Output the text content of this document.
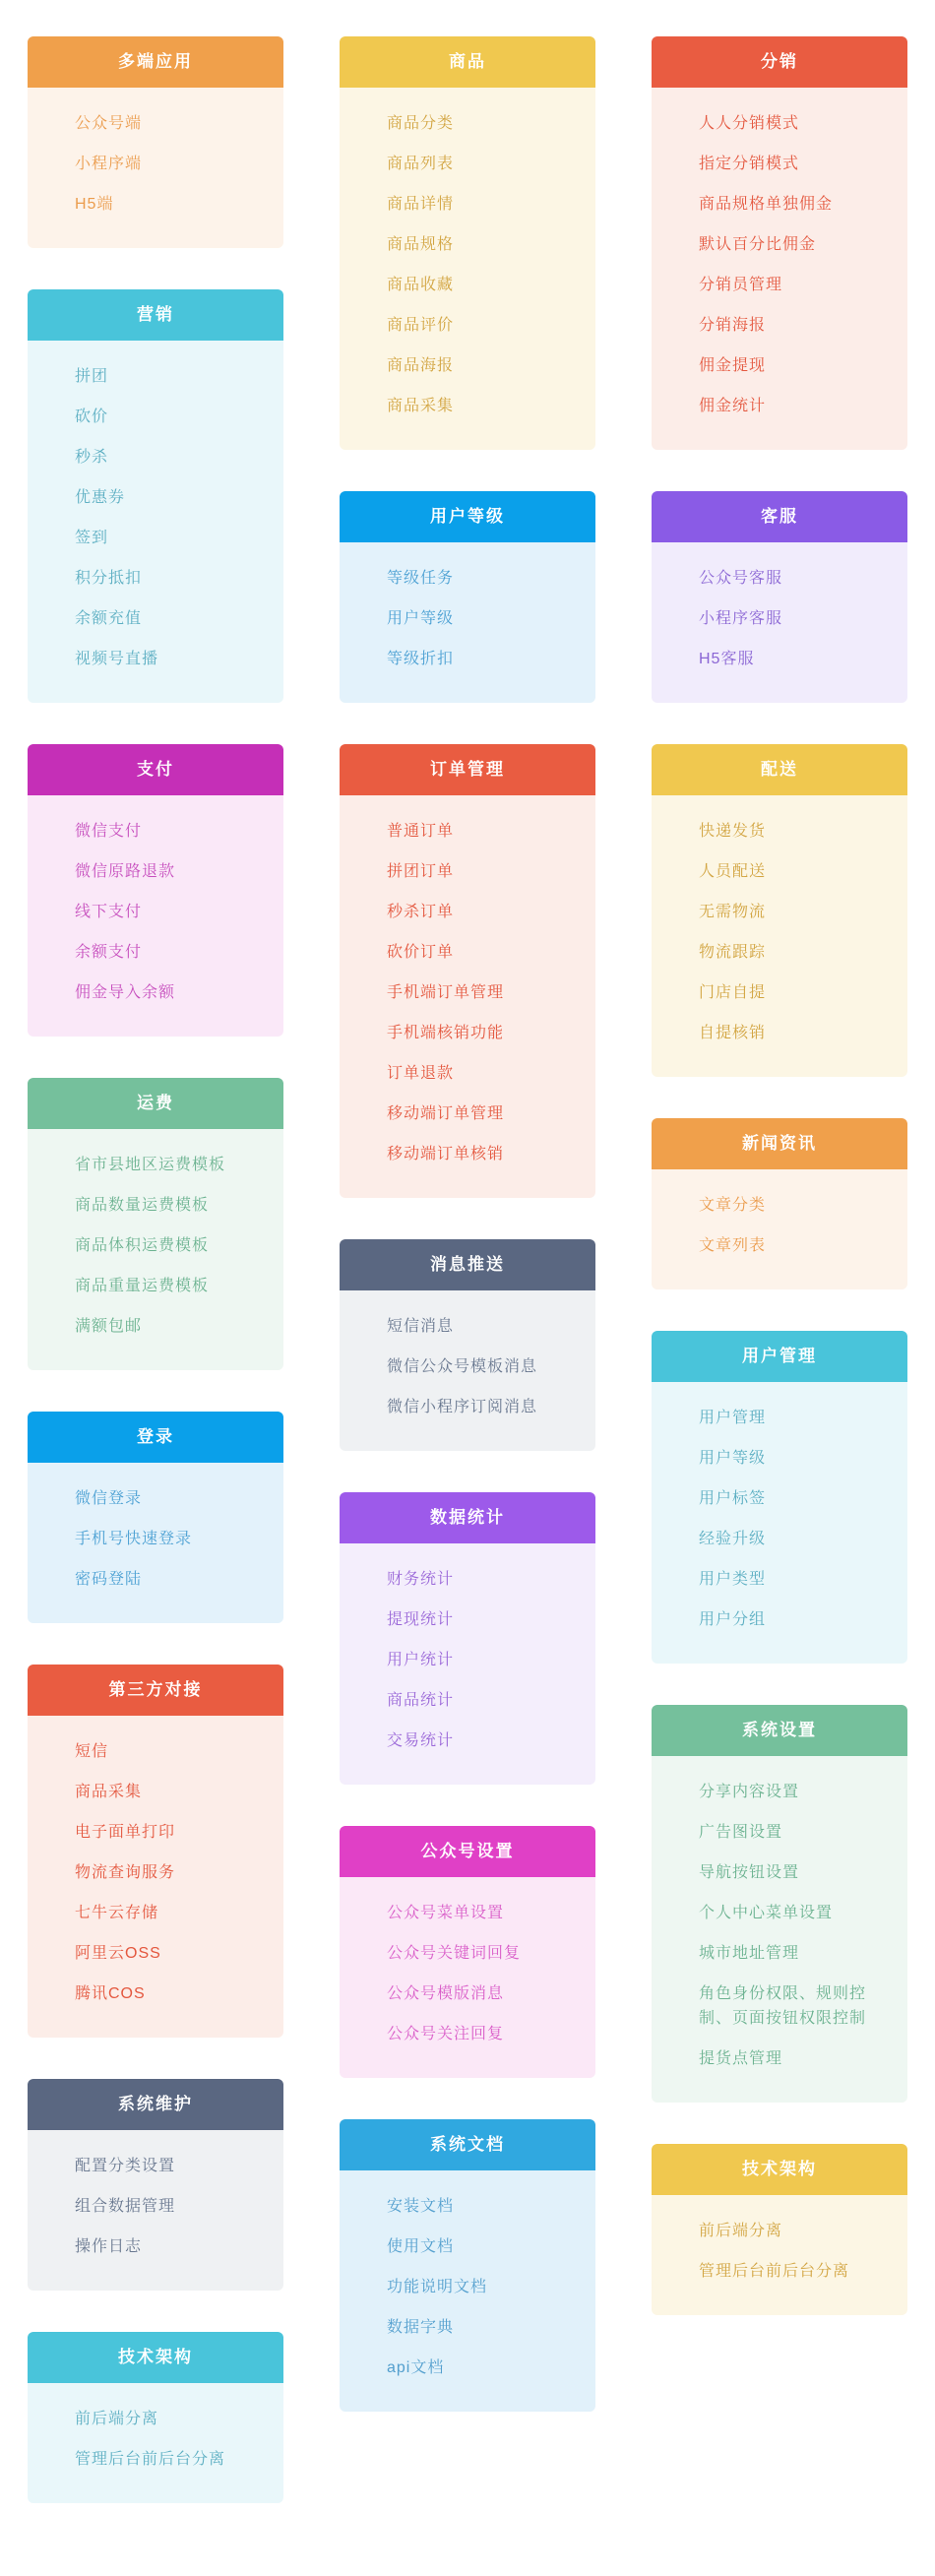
多端应用
公众号端
小程序端
H5端
营销
拼团
砍价
秒杀
优惠券
签到
积分抵扣
余额充值
视频号直播
支付
微信支付
微信原路退款
线下支付
余额支付
佣金导入余额
运费
省市县地区运费模板
商品数量运费模板
商品体积运费模板
商品重量运费模板
满额包邮
登录
微信登录
手机号快速登录
密码登陆
第三方对接
短信
商品采集
电子面单打印
物流查询服务
七牛云存储
阿里云OSS
腾讯COS
系统维护
配置分类设置
组合数据管理
操作日志
技术架构
前后端分离
管理后台前后台分离
商品
商品分类
商品列表
商品详情
商品规格
商品收藏
商品评价
商品海报
商品采集
用户等级
等级任务
用户等级
等级折扣
订单管理
普通订单
拼团订单
秒杀订单
砍价订单
手机端订单管理
手机端核销功能
订单退款
移动端订单管理
移动端订单核销
消息推送
短信消息
微信公众号模板消息
微信小程序订阅消息
数据统计
财务统计
提现统计
用户统计
商品统计
交易统计
公众号设置
公众号菜单设置
公众号关键词回复
公众号模版消息
公众号关注回复
系统文档
安装文档
使用文档
功能说明文档
数据字典
api文档
分销
人人分销模式
指定分销模式
商品规格单独佣金
默认百分比佣金
分销员管理
分销海报
佣金提现
佣金统计
客服
公众号客服
小程序客服
H5客服
配送
快递发货
人员配送
无需物流
物流跟踪
门店自提
自提核销
新闻资讯
文章分类
文章列表
用户管理
用户管理
用户等级
用户标签
经验升级
用户类型
用户分组
系统设置
分享内容设置
广告图设置
导航按钮设置
个人中心菜单设置
城市地址管理
角色身份权限、规则控制、页面按钮权限控制
提货点管理
技术架构
前后端分离
管理后台前后台分离
